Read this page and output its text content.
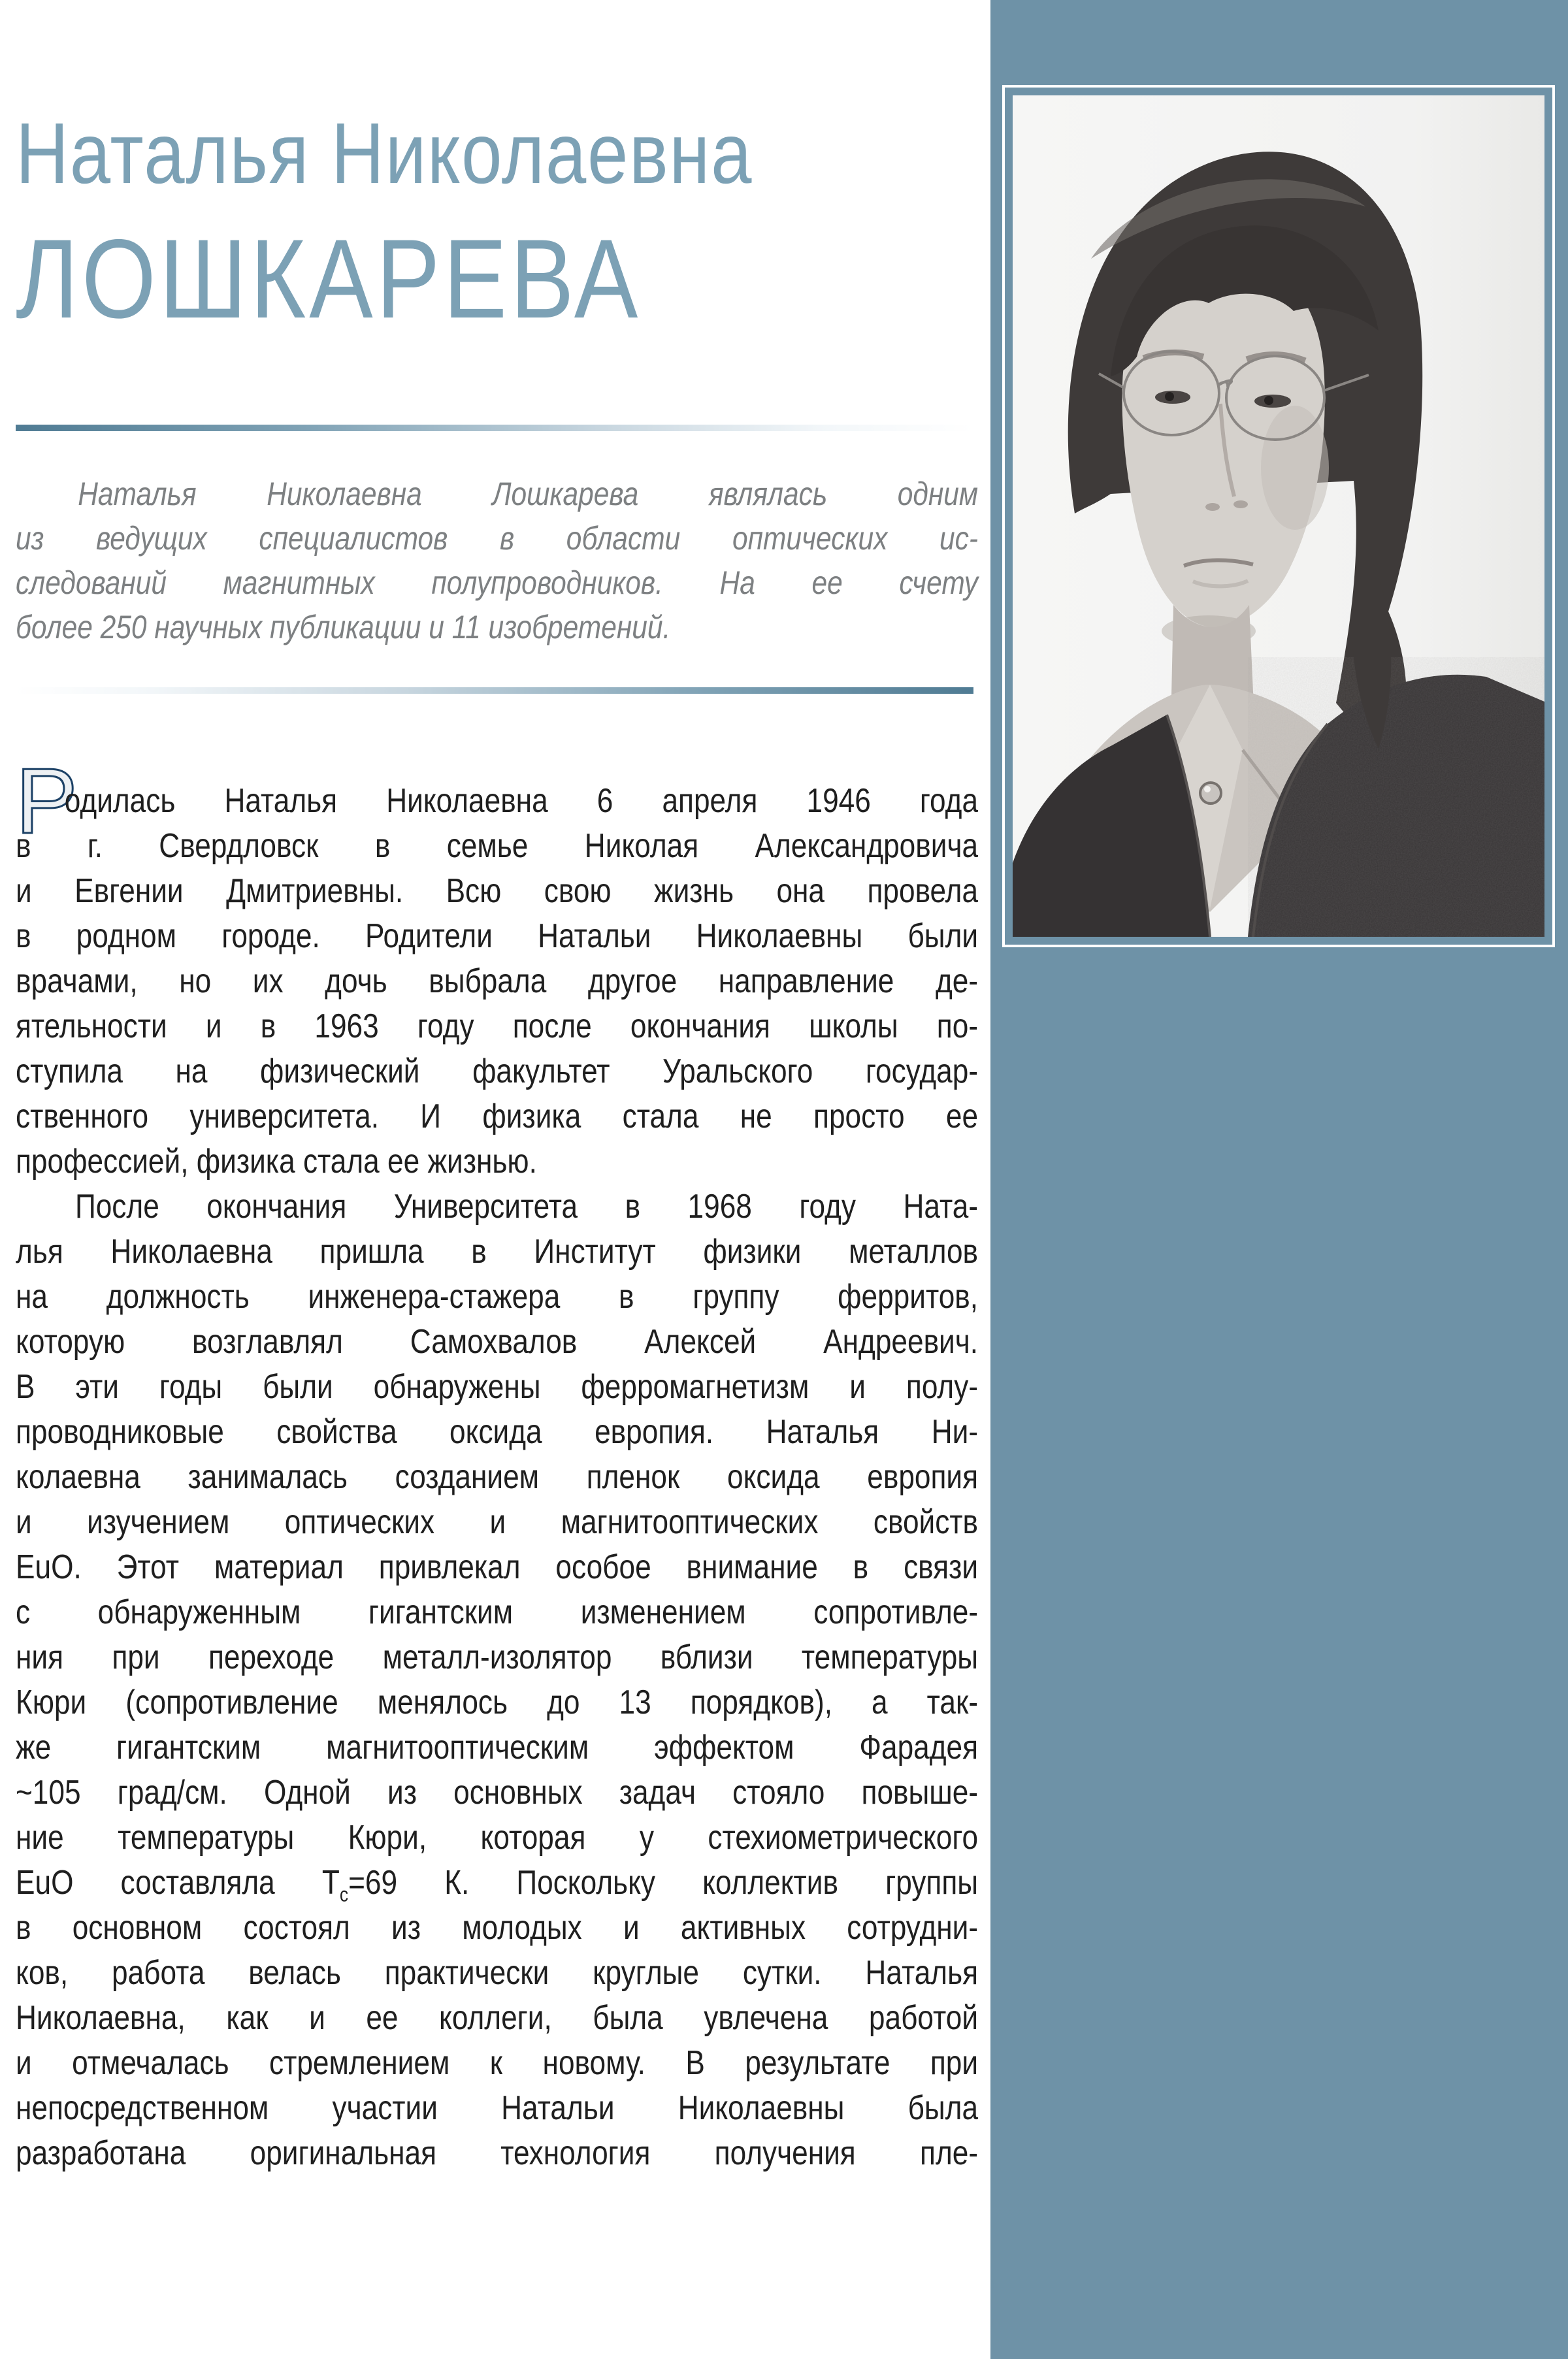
Наталья Николаевна
ЛОШКАРЕВА
Наталья Николаевна Лошкарева являлась одним
из ведущих специалистов в области оптических ис-
следований магнитных полупроводников. На ее счету
более 250 научных публикации и 11 изобретений.
Р
одилась Наталья Николаевна 6 апреля 1946 года
в г. Свердловск в семье Николая Александровича
и Евгении Дмитриевны. Всю свою жизнь она провела
в родном городе. Родители Натальи Николаевны были
врачами, но их дочь выбрала другое направление де-
ятельности и в 1963 году после окончания школы по-
ступила на физический факультет Уральского государ-
ственного университета. И физика стала не просто ее
профессией, физика стала ее жизнью.
После окончания Университета в 1968 году Ната-
лья Николаевна пришла в Институт физики металлов
на должность инженера-стажера в группу ферритов,
которую возглавлял Самохвалов Алексей Андреевич.
В эти годы были обнаружены ферромагнетизм и полу-
проводниковые свойства оксида европия. Наталья Ни-
колаевна занималась созданием пленок оксида европия
и изучением оптических и магнитооптических свойств
EuO. Этот материал привлекал особое внимание в связи
с обнаруженным гигантским изменением сопротивле-
ния при переходе металл-изолятор вблизи температуры
Кюри (сопротивление менялось до 13 порядков), а так-
же гигантским магнитооптическим эффектом Фарадея
~105 град/см. Одной из основных задач стояло повыше-
ние температуры Кюри, которая у стехиометрического
EuO составляла $Т_с=69$ К. Поскольку коллектив группы
в основном состоял из молодых и активных сотрудни-
ков, работа велась практически круглые сутки. Наталья
Николаевна, как и ее коллеги, была увлечена работой
и отмечалась стремлением к новому. В результате при
непосредственном участии Натальи Николаевны была
разработана оригинальная технология получения пле-
